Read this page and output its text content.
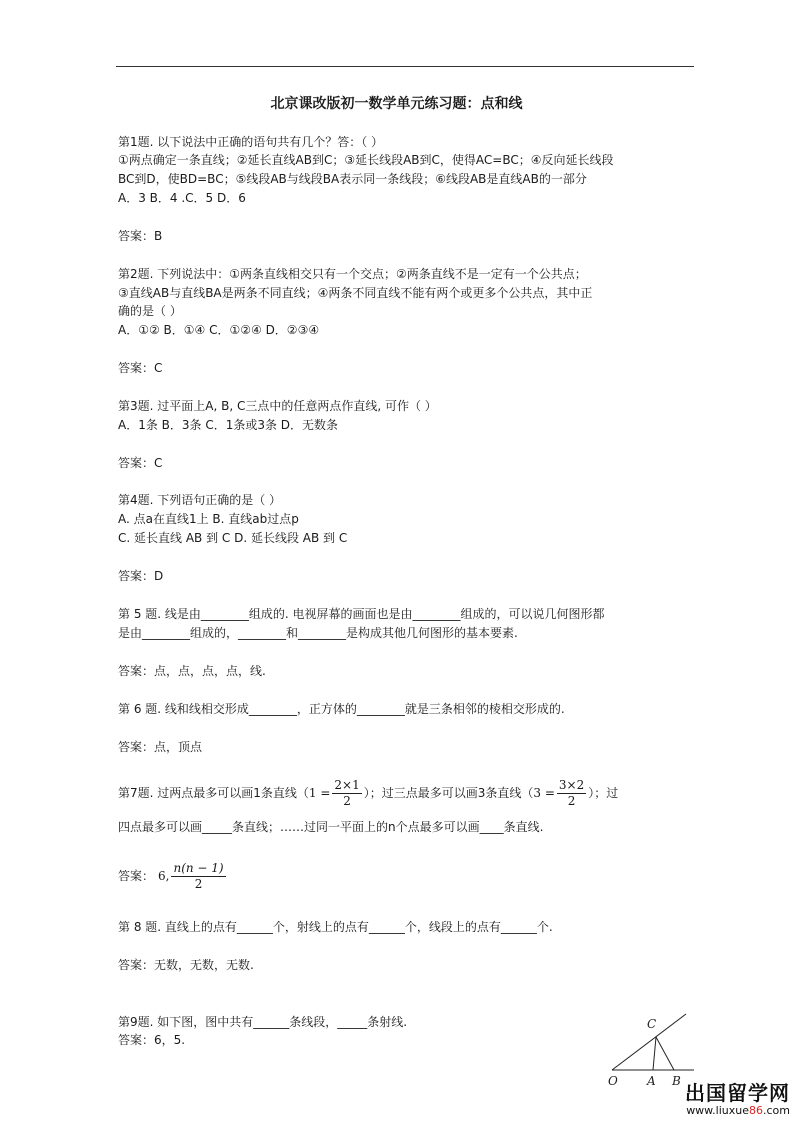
北京课改版初一数学单元练习题：点和线
第1题. 以下说法中正确的语句共有几个？答：（ ）
①两点确定一条直线；②延长直线AB到C；③延长线段AB到C，使得AC=BC；④反向延长线段
BC到D，使BD=BC；⑤线段AB与线段BA表示同一条线段；⑥线段AB是直线AB的一部分
A．3 B．4 .C．5 D．6
答案：B
第2题. 下列说法中：①两条直线相交只有一个交点；②两条直线不是一定有一个公共点；
③直线AB与直线BA是两条不同直线；④两条不同直线不能有两个或更多个公共点，其中正
确的是（ ）
A．①② B．①④ C．①②④ D．②③④
答案：C
第3题. 过平面上A, B, C三点中的任意两点作直线, 可作（ ）
A．1条 B．3条 C．1条或3条 D．无数条
答案：C
第4题. 下列语句正确的是（ ）
A. 点a在直线1上 B. 直线ab过点p
C. 延长直线 AB 到 C D. 延长线段 AB 到 C
答案：D
第 5 题. 线是由________组成的. 电视屏幕的画面也是由________组成的，可以说几何图形都
是由________组成的，________和________是构成其他几何图形的基本要素.
答案：点，点，点，点，线.
第 6 题. 线和线相交形成________，正方体的________就是三条相邻的棱相交形成的.
答案：点，顶点
第7题. 过两点最多可以画1条直线（ $1 = \frac{2\times 1}{2}$ ）；过三点最多可以画3条直线（ $3 = \frac{3\times 2}{2}$ ）；过
四点最多可以画_____条直线；……过同一平面上的n个点最多可以画____条直线.
答案： 6, $\frac{n(n - 1)}{2}$
第 8 题. 直线上的点有______个，射线上的点有______个，线段上的点有______个.
答案：无数，无数，无数.
第9题. 如下图，图中共有______条线段，_____条射线.
答案：6，5.
C
O A B 出国留学网
www.liuxue86.com
